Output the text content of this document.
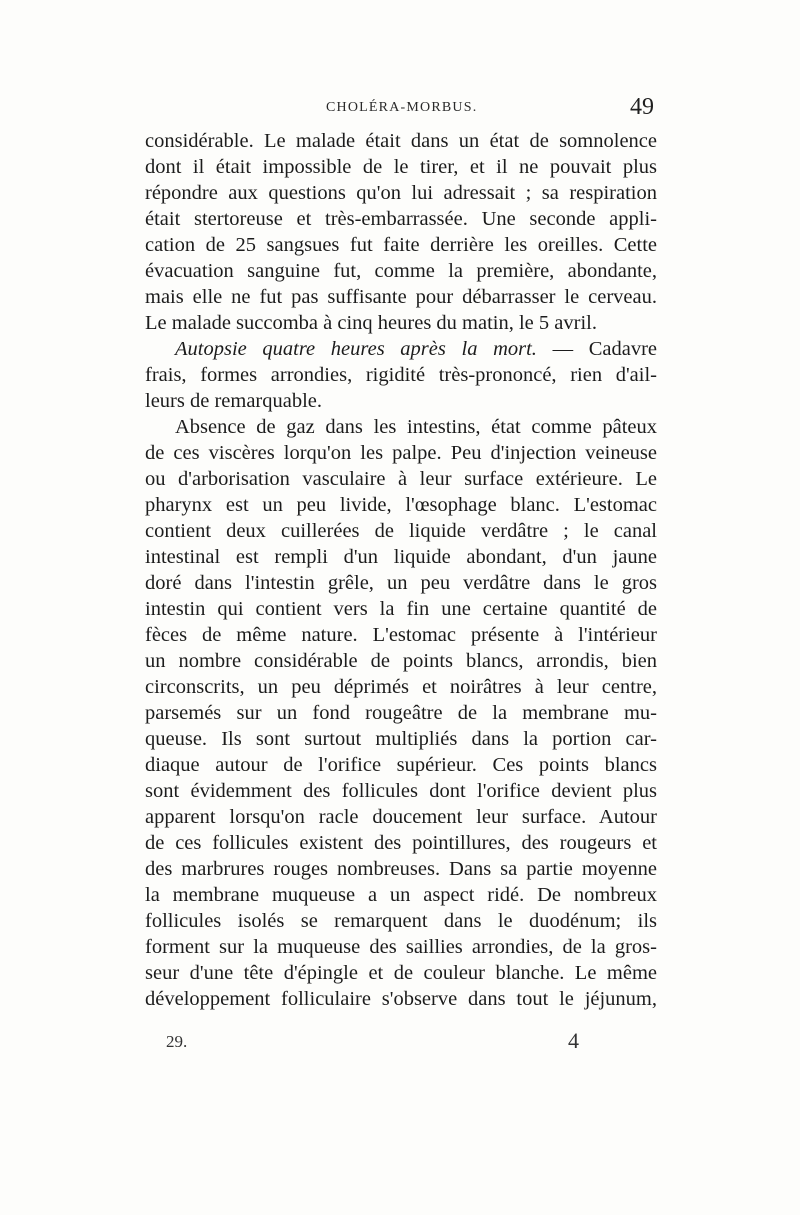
CHOLÉRA-MORBUS.	49
considérable. Le malade était dans un état de somnolence
dont il était impossible de le tirer, et il ne pouvait plus
répondre aux questions qu'on lui adressait ; sa respiration
était stertoreuse et très-embarrassée. Une seconde appli-
cation de 25 sangsues fut faite derrière les oreilles. Cette
évacuation sanguine fut, comme la première, abondante,
mais elle ne fut pas suffisante pour débarrasser le cerveau.
Le malade succomba à cinq heures du matin, le 5 avril.
Autopsie quatre heures après la mort. — Cadavre
frais, formes arrondies, rigidité très-prononcé, rien d'ail-
leurs de remarquable.
Absence de gaz dans les intestins, état comme pâteux
de ces viscères lorqu'on les palpe. Peu d'injection veineuse
ou d'arborisation vasculaire à leur surface extérieure. Le
pharynx est un peu livide, l'œsophage blanc. L'estomac
contient deux cuillerées de liquide verdâtre ; le canal
intestinal est rempli d'un liquide abondant, d'un jaune
doré dans l'intestin grêle, un peu verdâtre dans le gros
intestin qui contient vers la fin une certaine quantité de
fèces de même nature. L'estomac présente à l'intérieur
un nombre considérable de points blancs, arrondis, bien
circonscrits, un peu déprimés et noirâtres à leur centre,
parsemés sur un fond rougeâtre de la membrane mu-
queuse. Ils sont surtout multipliés dans la portion car-
diaque autour de l'orifice supérieur. Ces points blancs
sont évidemment des follicules dont l'orifice devient plus
apparent lorsqu'on racle doucement leur surface. Autour
de ces follicules existent des pointillures, des rougeurs et
des marbrures rouges nombreuses. Dans sa partie moyenne
la membrane muqueuse a un aspect ridé. De nombreux
follicules isolés se remarquent dans le duodénum; ils
forment sur la muqueuse des saillies arrondies, de la gros-
seur d'une tête d'épingle et de couleur blanche. Le même
développement folliculaire s'observe dans tout le jéjunum,
29.	4
